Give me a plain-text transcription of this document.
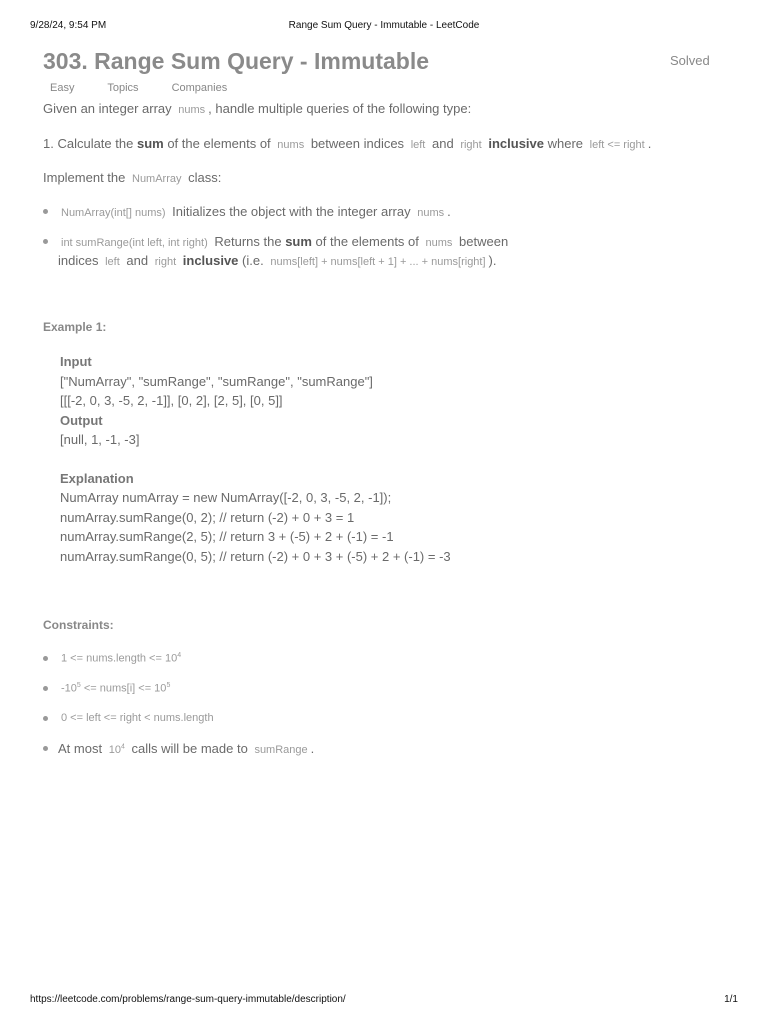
9/28/24, 9:54 PM	Range Sum Query - Immutable - LeetCode
303. Range Sum Query - Immutable	Solved
Easy	Topics	Companies
Given an integer array nums , handle multiple queries of the following type:
1. Calculate the sum of the elements of nums between indices left and right inclusive where left <= right .
Implement the NumArray class:
NumArray(int[] nums) Initializes the object with the integer array nums .
int sumRange(int left, int right) Returns the sum of the elements of nums between
indices left and right inclusive (i.e. nums[left] + nums[left + 1] + ... + nums[right] ).
Example 1:
Input
["NumArray", "sumRange", "sumRange", "sumRange"]
[[[-2, 0, 3, -5, 2, -1]], [0, 2], [2, 5], [0, 5]]
Output
[null, 1, -1, -3]
Explanation
NumArray numArray = new NumArray([-2, 0, 3, -5, 2, -1]);
numArray.sumRange(0, 2); // return (-2) + 0 + 3 = 1
numArray.sumRange(2, 5); // return 3 + (-5) + 2 + (-1) = -1
numArray.sumRange(0, 5); // return (-2) + 0 + 3 + (-5) + 2 + (-1) = -3
Constraints:
1 <= nums.length <= $10^4$
$-10^5$ <= nums[i] <= $10^5$
0 <= left <= right < nums.length
At most $10^4$ calls will be made to sumRange .
https://leetcode.com/problems/range-sum-query-immutable/description/	1/1
